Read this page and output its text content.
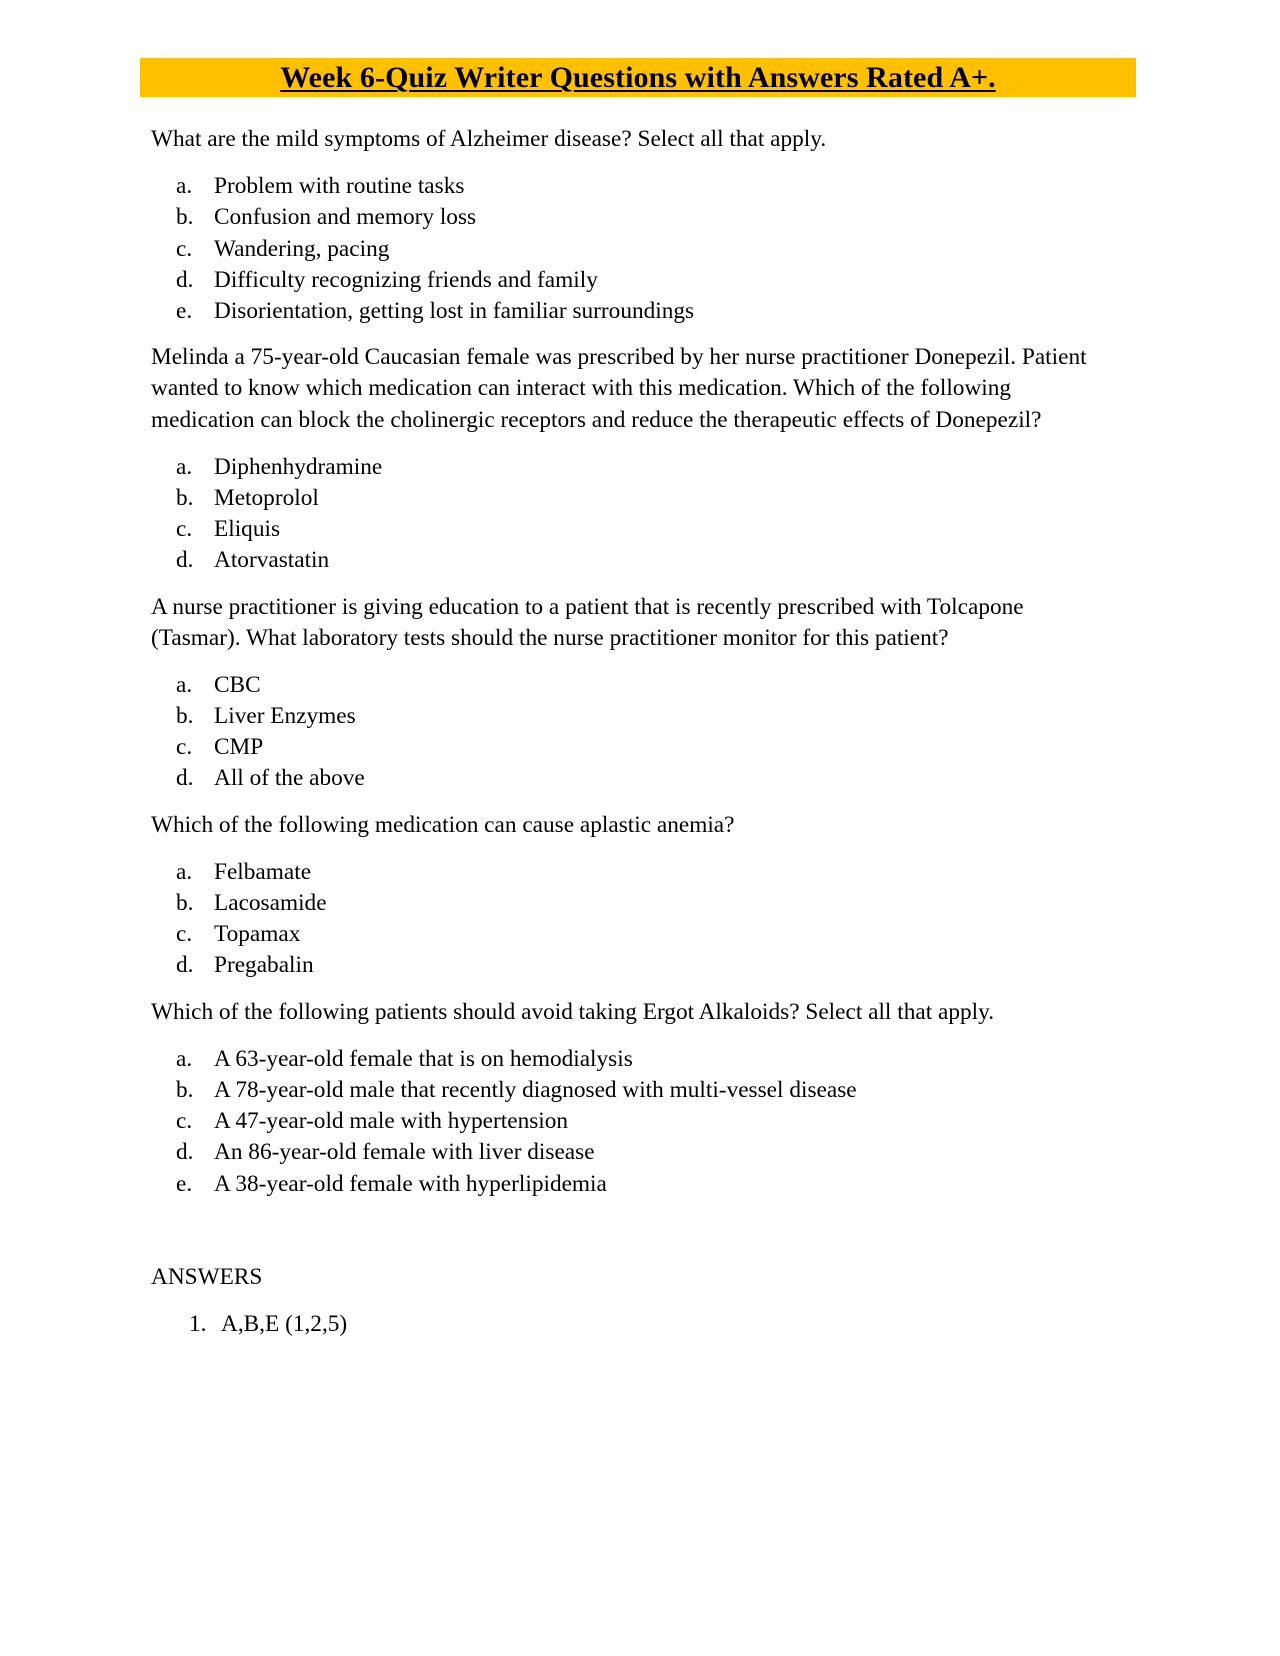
Week 6-Quiz Writer Questions with Answers Rated A+.

What are the mild symptoms of Alzheimer disease? Select all that apply.

a. Problem with routine tasks
b. Confusion and memory loss
c. Wandering, pacing
d. Difficulty recognizing friends and family
e. Disorientation, getting lost in familiar surroundings

Melinda a 75-year-old Caucasian female was prescribed by her nurse practitioner Donepezil. Patient wanted to know which medication can interact with this medication. Which of the following medication can block the cholinergic receptors and reduce the therapeutic effects of Donepezil?

a. Diphenhydramine
b. Metoprolol
c. Eliquis
d. Atorvastatin

A nurse practitioner is giving education to a patient that is recently prescribed with Tolcapone (Tasmar). What laboratory tests should the nurse practitioner monitor for this patient?

a. CBC
b. Liver Enzymes
c. CMP
d. All of the above

Which of the following medication can cause aplastic anemia?

a. Felbamate
b. Lacosamide
c. Topamax
d. Pregabalin

Which of the following patients should avoid taking Ergot Alkaloids? Select all that apply.

a. A 63-year-old female that is on hemodialysis
b. A 78-year-old male that recently diagnosed with multi-vessel disease
c. A 47-year-old male with hypertension
d. An 86-year-old female with liver disease
e. A 38-year-old female with hyperlipidemia

ANSWERS

1. A,B,E (1,2,5)
